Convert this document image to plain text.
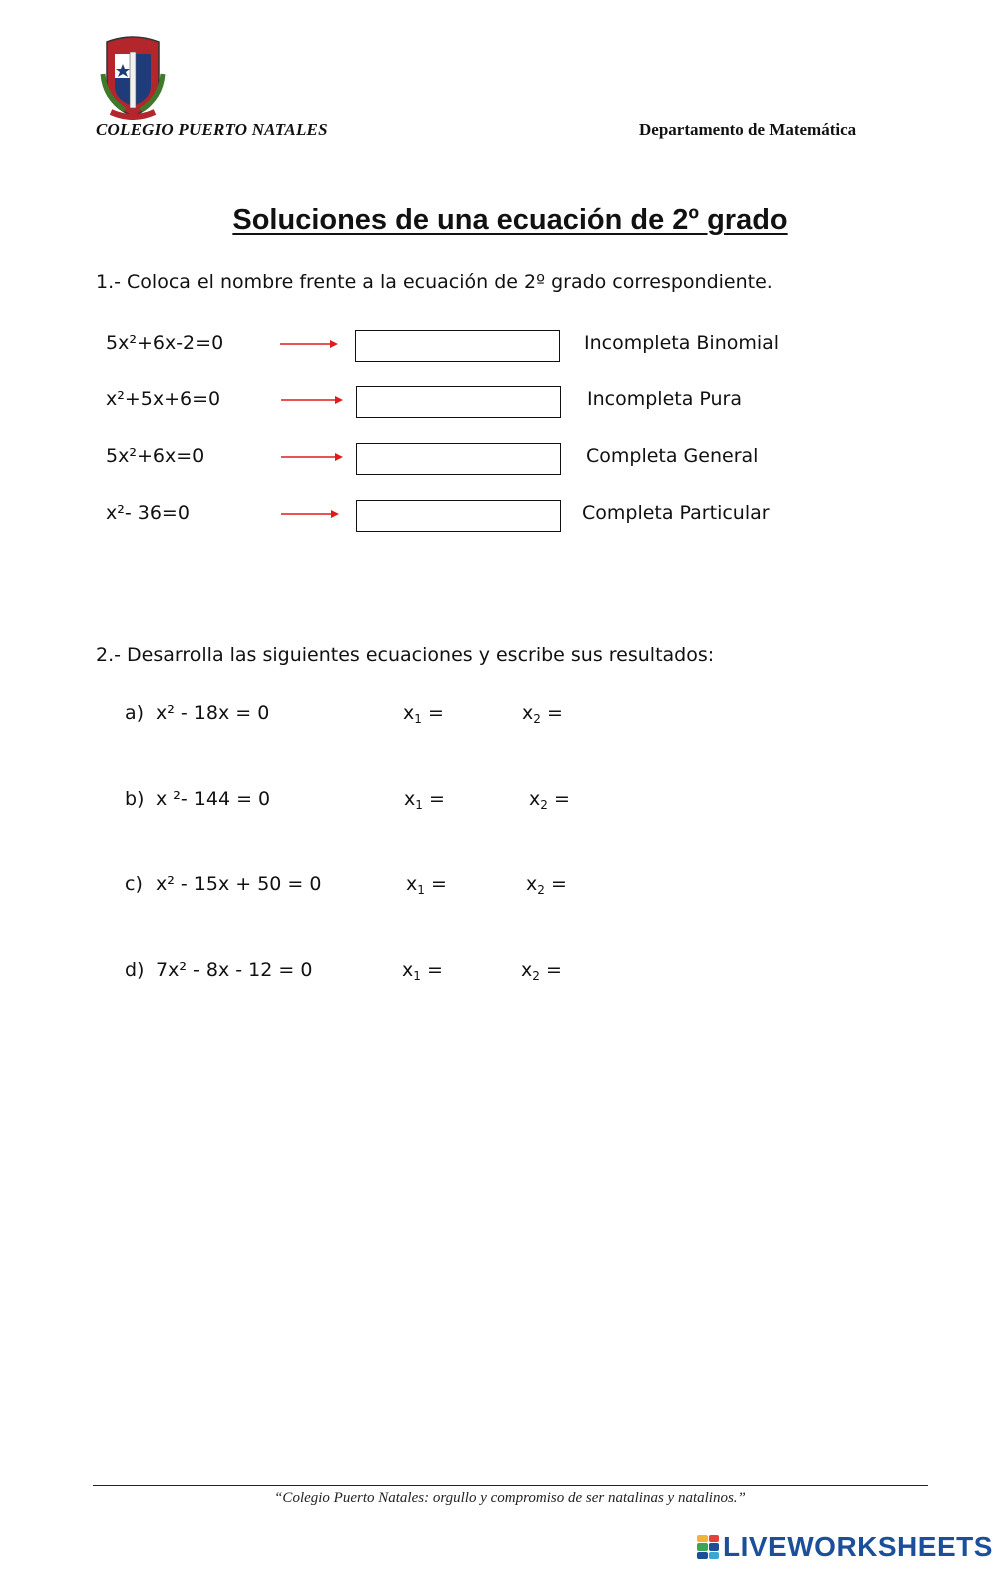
COLEGIO PUERTO NATALES	Departamento de Matemática
Soluciones de una ecuación de 2º grado
1.- Coloca el nombre frente a la ecuación de 2º grado correspondiente.
5x²+6x-2=0	Incompleta Binomial
x²+5x+6=0	Incompleta Pura
5x²+6x=0	Completa General
x²- 36=0	Completa Particular
2.- Desarrolla las siguientes ecuaciones y escribe sus resultados:
a) x² - 18x = 0	$x_1$ =	$x_2$ =
b) x ²- 144 = 0	$x_1$ =	$x_2$ =
c) x² - 15x + 50 = 0	$x_1$ =	$x_2$ =
d) 7x² - 8x - 12 = 0	$x_1$ =	$x_2$ =
“Colegio Puerto Natales: orgullo y compromiso de ser natalinas y natalinos.”
LIVEWORKSHEETS
